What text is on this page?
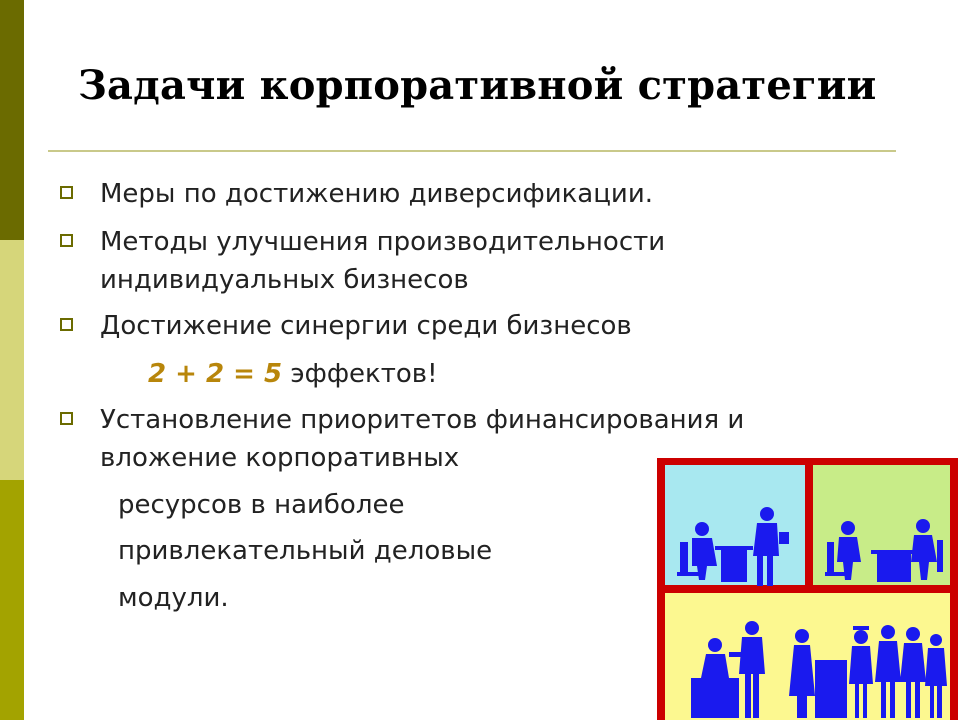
Задачи корпоративной стратегии
Меры по достижению диверсификации.
Методы улучшения производительности
индивидуальных бизнесов
Достижение синергии среди бизнесов
2 + 2 = 5 эффектов!
Установление приоритетов финансирования и
вложение корпоративных
ресурсов в наиболее
привлекательный деловые
модули.
